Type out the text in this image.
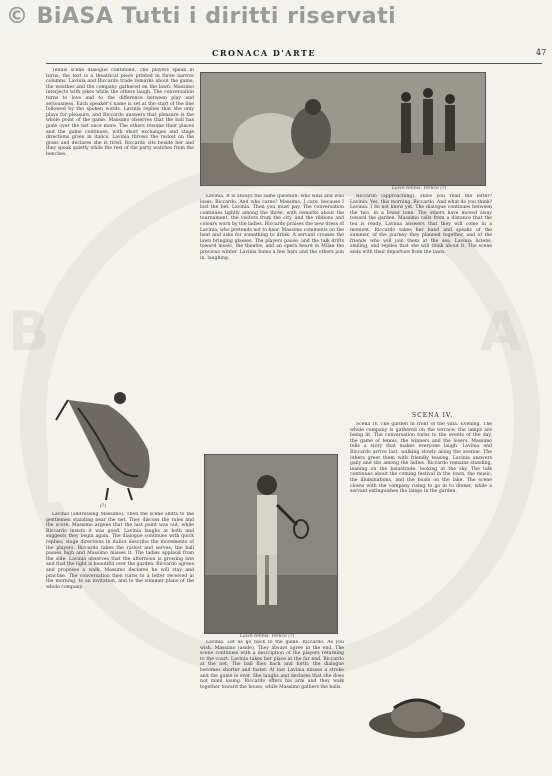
B	A
© BiASA Tutti i diritti riservati
CRONACA D'ARTE	47

Tennis scene dialogue continued. The players speak in turns; the text is a theatrical piece printed in three narrow columns. Lavinia and Riccardo trade remarks about the game, the weather and the company gathered on the lawn. Massimo interjects with jokes while the others laugh. The conversation turns to love and to the difference between play and seriousness. Each speaker's name is set at the start of the line followed by the spoken words. Lavinia replies that she only plays for pleasure, and Riccardo answers that pleasure is the whole point of the game. Massimo observes that the ball has gone over the net once more. The others resume their places and the game continues, with short exchanges and stage directions given in italics. Lavinia throws the racket on the grass and declares she is tired. Riccardo sits beside her and they speak quietly while the rest of the party watches from the benches.

(?)

Lavinia (addressing Massimo). Then the scene shifts to the gentlemen standing near the net. They discuss the rules and the score. Massimo argues that the last point was out, while Riccardo insists it was good. Lavinia laughs at both and suggests they begin again. The dialogue continues with quick replies; stage directions in italics describe the movements of the players. Riccardo takes the racket and serves; the ball passes high and Massimo misses it. The ladies applaud from the side. Lavinia observes that the afternoon is growing late and that the light is beautiful over the garden. Riccardo agrees and proposes a walk. Massimo declares he will stay and practise. The conversation then turns to a letter received in the morning, to an invitation, and to the summer plans of the whole company.

Lawn-tennis. Venice (?)

Lavinia. It is always the same question: who wins and who loses. Riccardo. And who cares? Massimo. I care, because I lost the bet. Lavinia. Then you must pay. The conversation continues lightly among the three, with remarks about the tournament, the visitors from the city, and the ribbons and colours worn by the ladies. Riccardo praises the new dress of Lavinia, who pretends not to hear. Massimo comments on the heat and asks for something to drink. A servant crosses the lawn bringing glasses. The players pause, and the talk drifts toward music, the theatre, and an opera heard in Milan the previous winter. Lavinia hums a few bars and the others join in, laughing.

Riccardo (approaching). Have you read the letter? Lavinia. Yes, this morning. Riccardo. And what do you think? Lavinia. I do not know yet. The dialogue continues between the two, in a lower tone. The others have moved away toward the garden. Massimo calls from a distance that the tea is ready. Lavinia answers that they will come in a moment. Riccardo takes her hand and speaks of the summer, of the journey they planned together, and of the friends who will join them at the sea. Lavinia listens, smiling, and replies that she will think about it. The scene ends with their departure from the lawn.

SCENA IV.
Lawn-tennis. Venice (?)

Lavinia. Let us go back to the game. Riccardo. As you wish. Massimo (aside). They always agree in the end. The scene continues with a description of the players returning to the court. Lavinia takes her place at the far end, Riccardo at the net. The ball flies back and forth; the dialogue becomes shorter and faster. At last Lavinia misses a stroke and the game is over. She laughs and declares that she does not mind losing. Riccardo offers his arm and they walk together toward the house, while Massimo gathers the balls.

Scena IV. The garden in front of the villa. Evening. The whole company is gathered on the terrace; the lamps are being lit. The conversation turns to the events of the day, the game of tennis, the winners and the losers. Massimo tells a story that makes everyone laugh. Lavinia and Riccardo arrive last, walking slowly along the avenue. The others greet them with friendly teasing. Lavinia answers gaily and sits among the ladies. Riccardo remains standing, leaning on the balustrade, looking at the sky. The talk continues about the coming festival in the town, the music, the illuminations, and the boats on the lake. The scene closes with the company rising to go in to dinner, while a servant extinguishes the lamps in the garden.
